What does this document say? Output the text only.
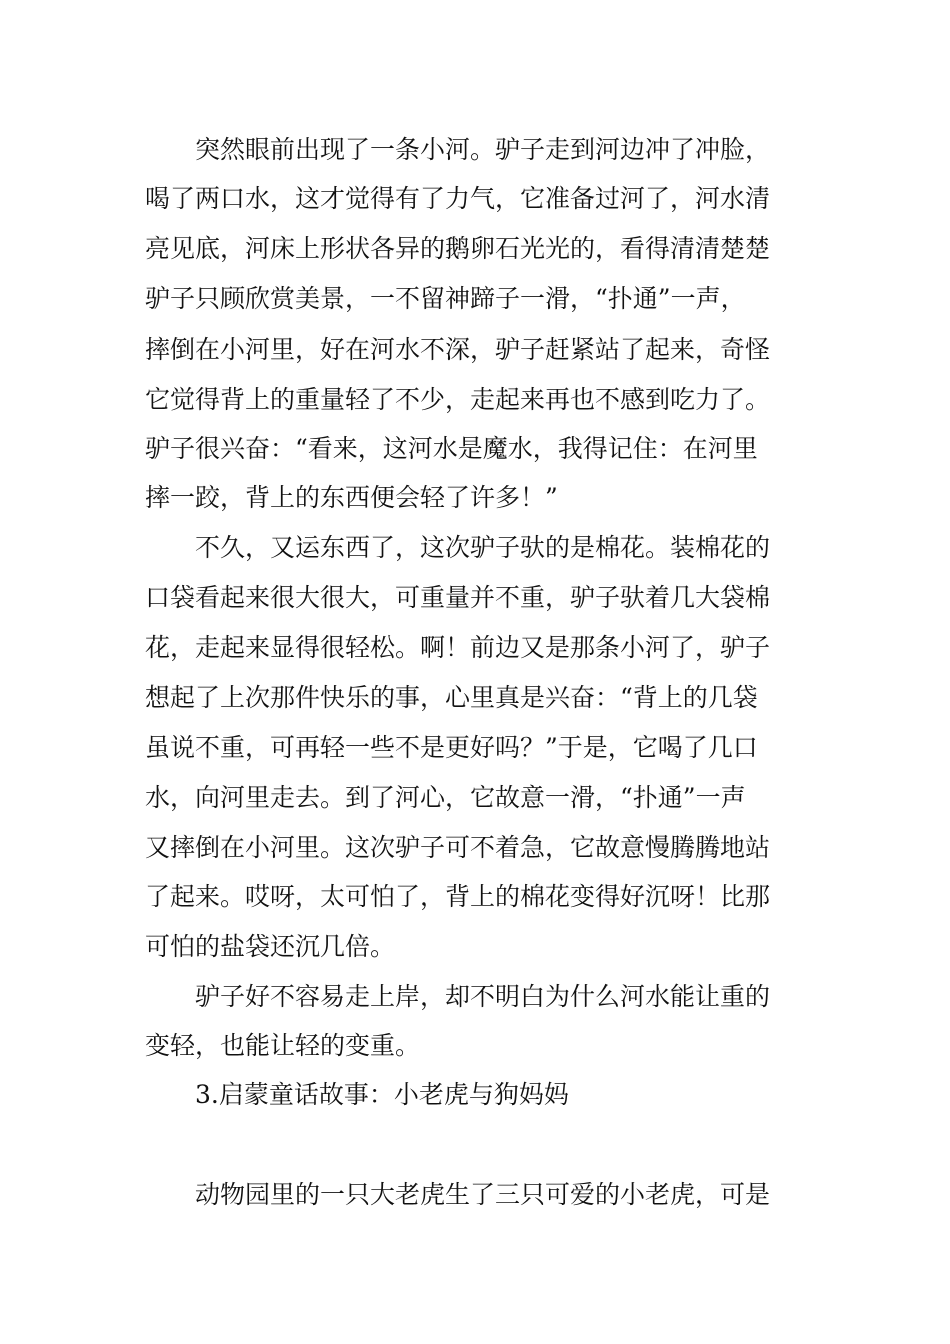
突然眼前出现了一条小河。驴子走到河边冲了冲脸，
喝了两口水，这才觉得有了力气，它准备过河了，河水清
亮见底，河床上形状各异的鹅卵石光光的，看得清清楚楚
驴子只顾欣赏美景，一不留神蹄子一滑，“扑通”一声，
摔倒在小河里，好在河水不深，驴子赶紧站了起来，奇怪
它觉得背上的重量轻了不少，走起来再也不感到吃力了。
驴子很兴奋：“看来，这河水是魔水，我得记住：在河里
摔一跤，背上的东西便会轻了许多！”
不久，又运东西了，这次驴子驮的是棉花。装棉花的
口袋看起来很大很大，可重量并不重，驴子驮着几大袋棉
花，走起来显得很轻松。啊！前边又是那条小河了，驴子
想起了上次那件快乐的事，心里真是兴奋：“背上的几袋
虽说不重，可再轻一些不是更好吗？”于是，它喝了几口
水，向河里走去。到了河心，它故意一滑，“扑通”一声
又摔倒在小河里。这次驴子可不着急，它故意慢腾腾地站
了起来。哎呀，太可怕了，背上的棉花变得好沉呀！比那
可怕的盐袋还沉几倍。
驴子好不容易走上岸，却不明白为什么河水能让重的
变轻，也能让轻的变重。
3.启蒙童话故事：小老虎与狗妈妈
动物园里的一只大老虎生了三只可爱的小老虎，可是
